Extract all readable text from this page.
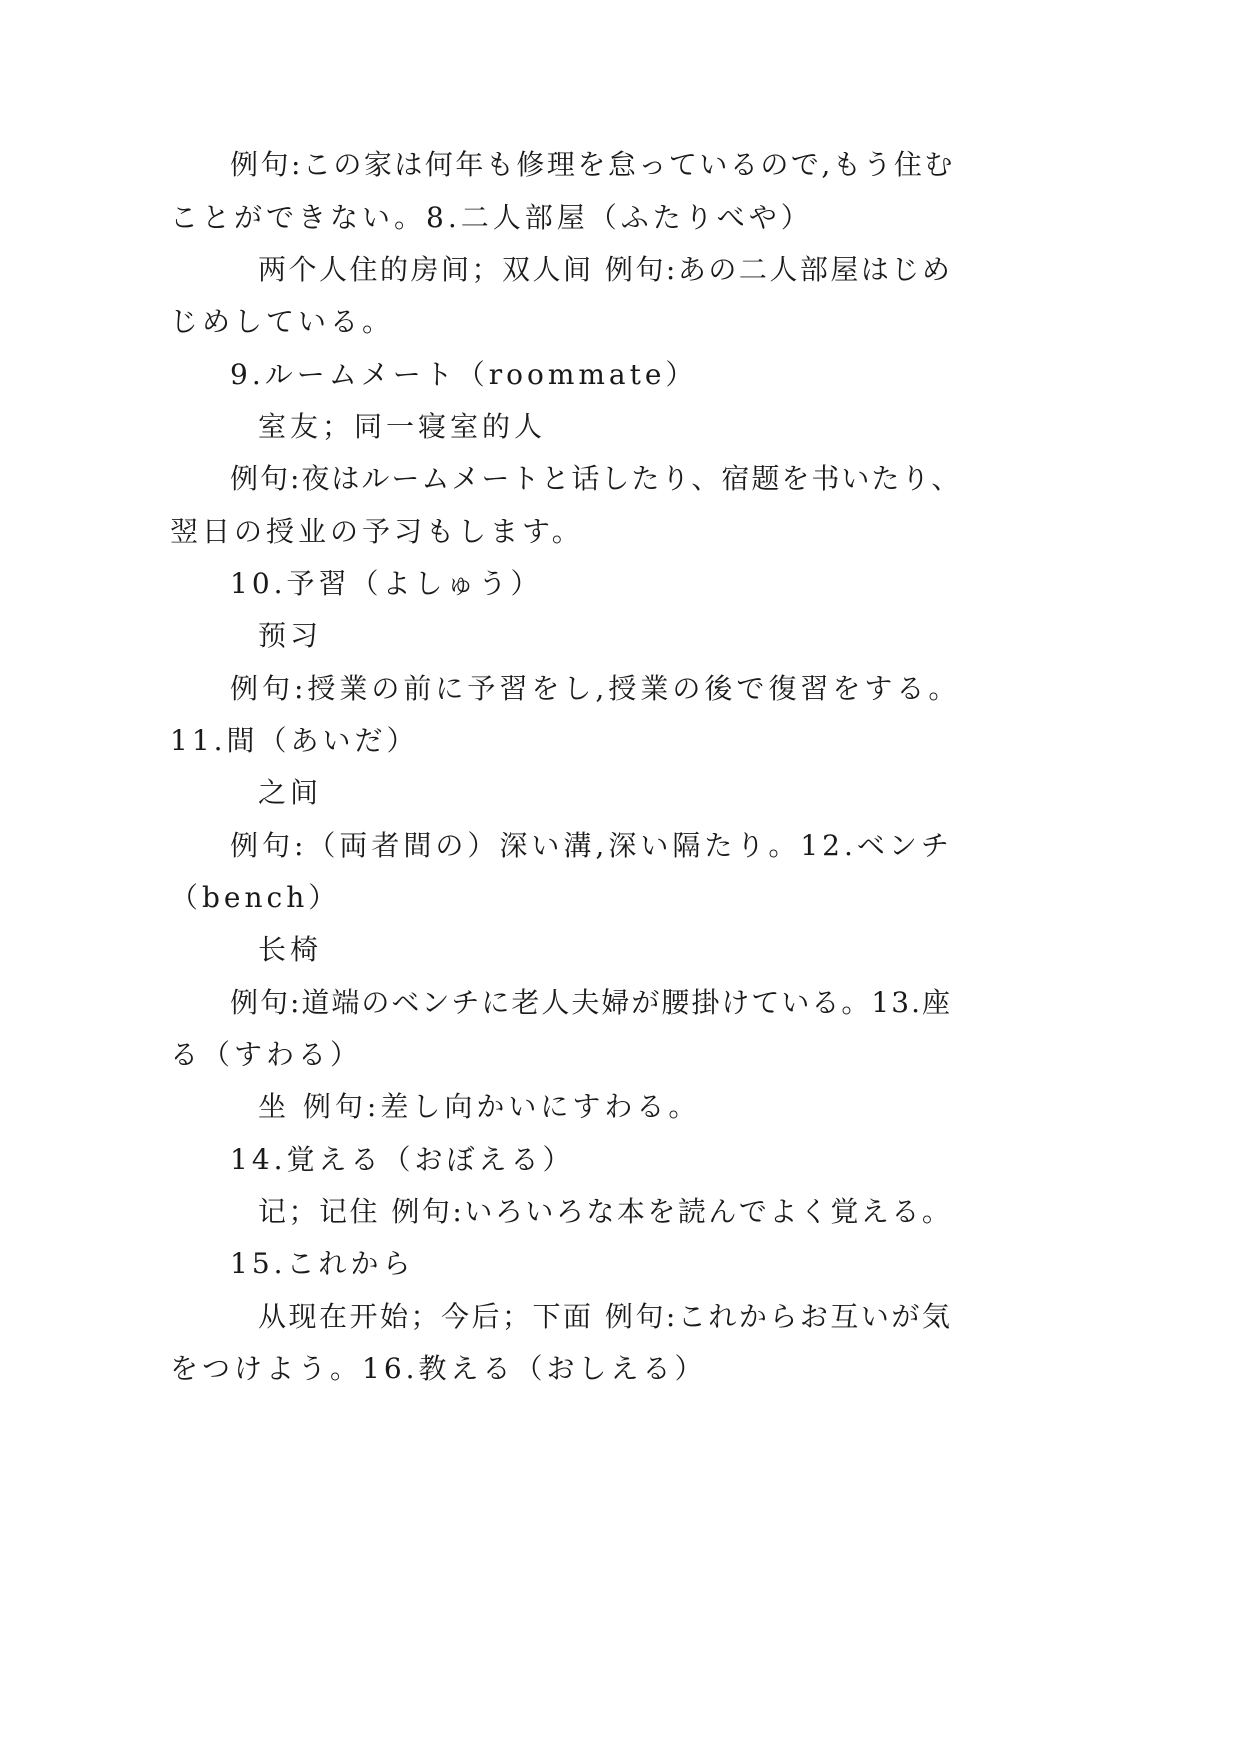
例句:この家は何年も修理を怠っているので,もう住む
ことができない。8.二人部屋（ふたりべや）
两个人住的房间；双人间 例句:あの二人部屋はじめ
じめしている。
9.ルームメート（roommate）
室友；同一寝室的人
例句:夜はルームメートと话したり、宿题を书いたり、
翌日の授业の予习もします。
10.予習（よしゅう）
预习
例句:授業の前に予習をし,授業の後で復習をする。
11.間（あいだ）
之间
例句:（両者間の）深い溝,深い隔たり。12.ベンチ
（bench）
长椅
例句:道端のベンチに老人夫婦が腰掛けている。13.座
る（すわる）
坐 例句:差し向かいにすわる。
14.覚える（おぼえる）
记；记住 例句:いろいろな本を読んでよく覚える。
15.これから
从现在开始；今后；下面 例句:これからお互いが気
をつけよう。16.教える（おしえる）
